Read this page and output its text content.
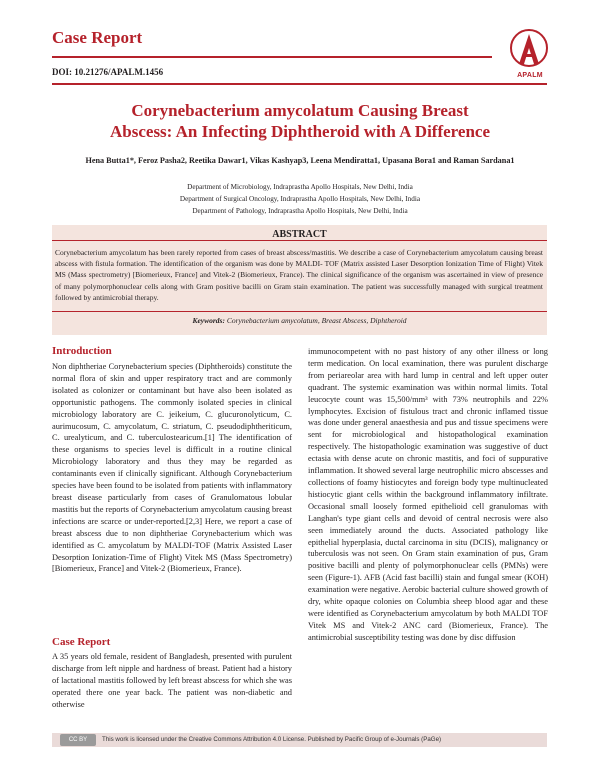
Case Report
DOI: 10.21276/APALM.1456	APALM
Corynebacterium amycolatum Causing Breast
Abscess: An Infecting Diphtheroid with A Difference
Hena Butta1*, Feroz Pasha2, Reetika Dawar1, Vikas Kashyap3, Leena Mendiratta1, Upasana Bora1 and Raman Sardana1
Department of Microbiology, Indraprastha Apollo Hospitals, New Delhi, India
Department of Surgical Oncology, Indraprastha Apollo Hospitals, New Delhi, India
Department of Pathology, Indraprastha Apollo Hospitals, New Delhi, India
ABSTRACT

Corynebacterium amycolatum has been rarely reported from cases of breast abscess/mastitis. We describe a case of Corynebacterium amycolatum causing breast abscess with fistula formation. The identification of the organism was done by MALDI- TOF (Matrix assisted Laser Desorption Ionization Time of Flight) Vitek MS (Mass spectrometry) [Biomerieux, France] and Vitek-2 (Biomerieux, France). The clinical significance of the organism was ascertained in view of presence of many polymorphonuclear cells along with Gram positive bacilli on Gram stain examination. The patient was successfully managed with surgical treatment followed by antimicrobial therapy.

Keywords: Corynebacterium amycolatum, Breast Abscess, Diphtheroid
Introduction

Non diphtheriae Corynebacterium species (Diphtheroids) constitute the normal flora of skin and upper respiratory tract and are commonly isolated as colonizer or contaminant but have also been isolated as opportunistic pathogens. The commonly isolated species in clinical microbiology laboratory are C. jeikeium, C. glucuronolyticum, C. aurimucosum, C. amycolatum, C. striatum, C. pseudodiphtheriticum, C. urealyticum, and C. tuberculostearicum.[1] The identification of these organisms to species level is difficult in a routine clinical Microbiology laboratory and thus they may be regarded as contaminants even if clinically significant. Although Corynebacterium species have been found to be isolated from patients with inflammatory breast disease particularly from cases of Granulomatous lobular mastitis but the reports of Corynebacterium amycolatum causing breast infections are scarce or under-reported.[2,3] Here, we report a case of breast abscess due to non diphtheriae Corynebacterium which was identified as C. amycolatum by MALDI-TOF (Matrix Assisted Laser Desorption Ionization-Time of Flight) Vitek MS (Mass Spectrometry) [Biomerieux, France] and Vitek-2 (Biomerieux, France).

Case Report

A 35 years old female, resident of Bangladesh, presented with purulent discharge from left nipple and hardness of breast. Patient had a history of lactational mastitis followed by left breast abscess for which she was operated there one year back. The patient was non-diabetic and otherwise

immunocompetent with no past history of any other illness or long term medication. On local examination, there was purulent discharge from periareolar area with hard lump in central and left upper outer quadrant. The systemic examination was within normal limits. Total leucocyte count was 15,500/mm³ with 73% neutrophils and 22% lymphocytes. Excision of fistulous tract and chronic inflamed tissue was done under general anaesthesia and pus and tissue specimens were sent for microbiological and histopathological examination respectively. The histopathologic examination was suggestive of duct ectasia with dense acute on chronic mastitis, and foci of suppurative inflammation. It showed several large neutrophilic micro abscesses and collections of foamy histiocytes and foreign body type multinucleated histiocytic giant cells within the background inflammatory infiltrate. Occasional small loosely formed epithelioid cell granulomas with Langhan's type giant cells and devoid of central necrosis were also seen immediately around the ducts. Associated pathology like epithelial hyperplasia, ductal carcinoma in situ (DCIS), malignancy or tuberculosis was not seen. On Gram stain examination of pus, Gram positive bacilli and plenty of polymorphonuclear cells (PMNs) were seen (Figure-1). AFB (Acid fast bacilli) stain and fungal smear (KOH) examination were negative. Aerobic bacterial culture showed growth of dry, white opaque colonies on Columbia sheep blood agar and these were identified as Corynebacterium amycolatum by both MALDI TOF Vitek MS and Vitek-2 ANC card (Biomerieux, France). The antimicrobial susceptibility testing was done by disc diffusion

CC BY	This work is licensed under the Creative Commons Attribution 4.0 License. Published by Pacific Group of e-Journals (PaGe)
